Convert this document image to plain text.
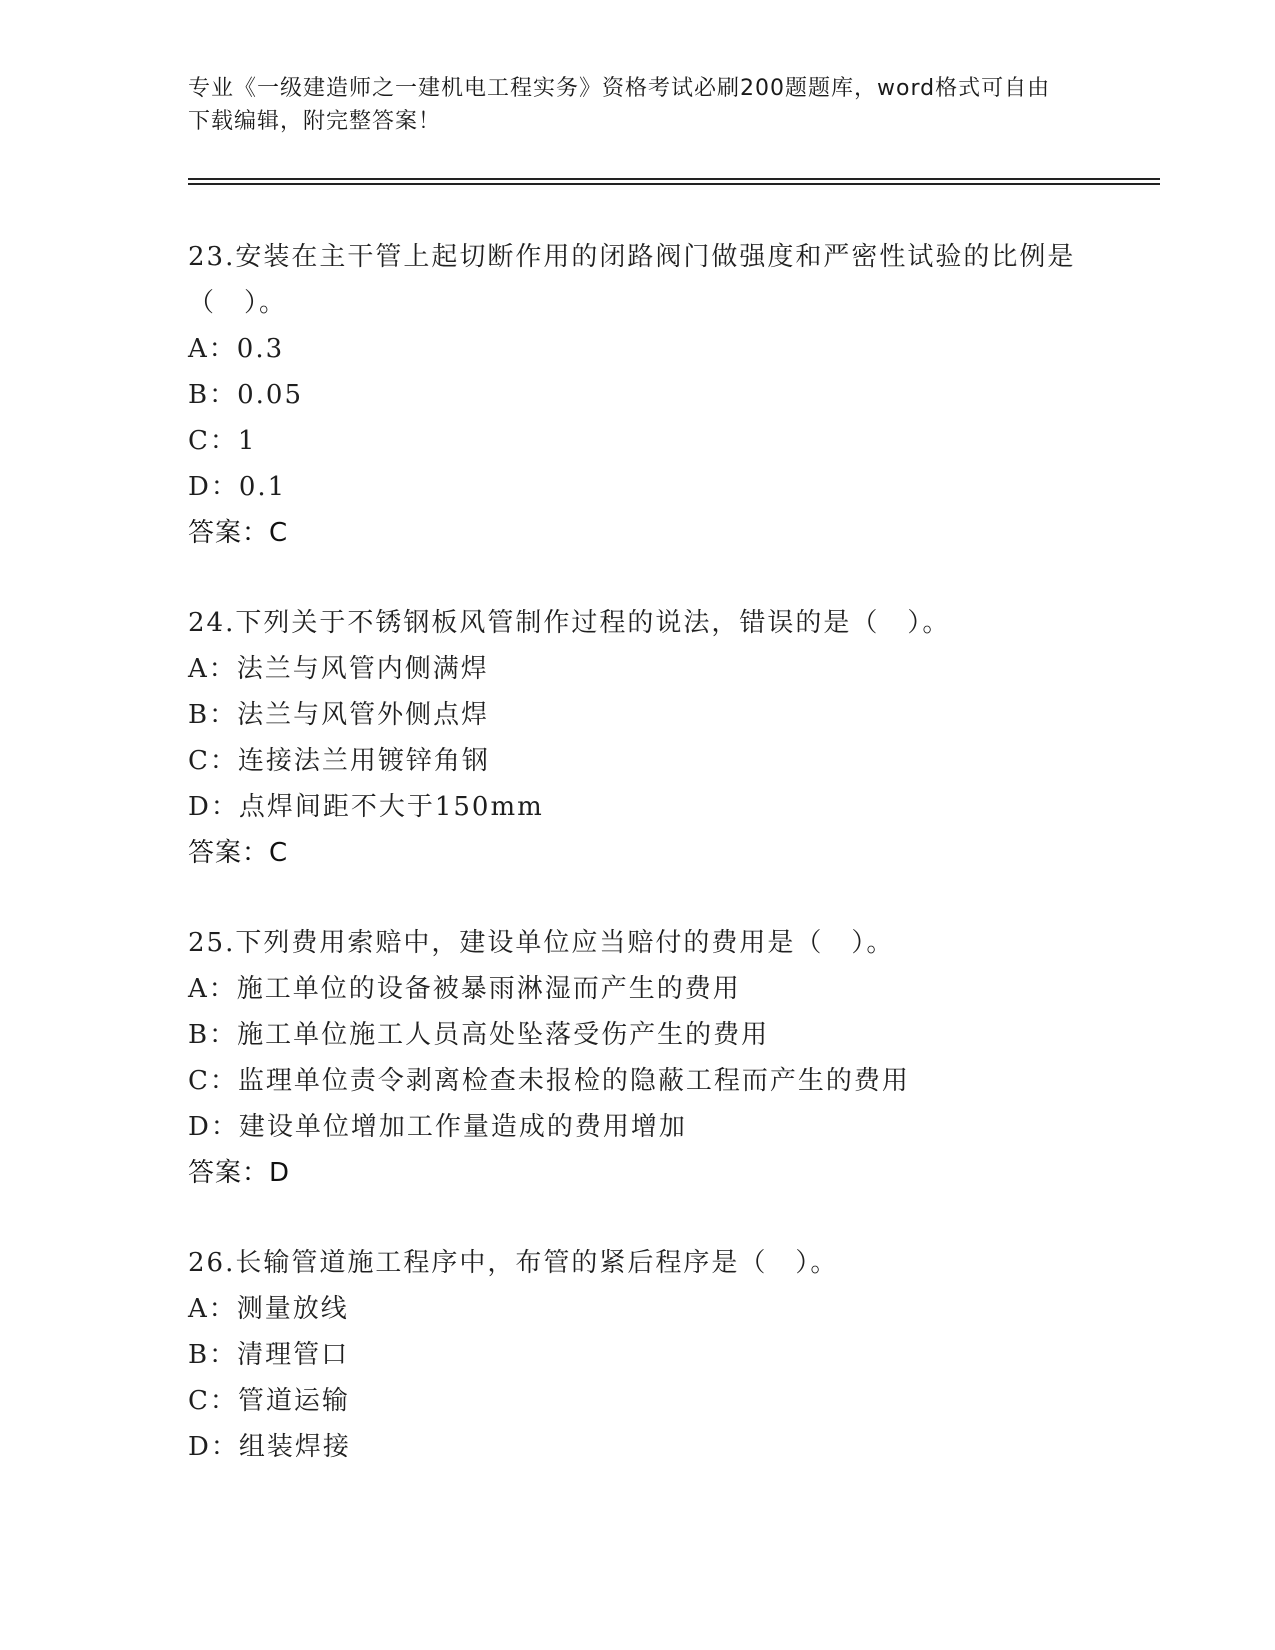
专业《一级建造师之一建机电工程实务》资格考试必刷200题题库，word格式可自由下载编辑，附完整答案！

23.安装在主干管上起切断作用的闭路阀门做强度和严密性试验的比例是（　）。

A：0.3

B：0.05

C：1

D：0.1

答案：C

24.下列关于不锈钢板风管制作过程的说法，错误的是（　）。

A：法兰与风管内侧满焊

B：法兰与风管外侧点焊

C：连接法兰用镀锌角钢

D：点焊间距不大于150mm

答案：C

25.下列费用索赔中，建设单位应当赔付的费用是（　）。

A：施工单位的设备被暴雨淋湿而产生的费用

B：施工单位施工人员高处坠落受伤产生的费用

C：监理单位责令剥离检查未报检的隐蔽工程而产生的费用

D：建设单位增加工作量造成的费用增加

答案：D

26.长输管道施工程序中，布管的紧后程序是（　）。

A：测量放线

B：清理管口

C：管道运输

D：组装焊接
